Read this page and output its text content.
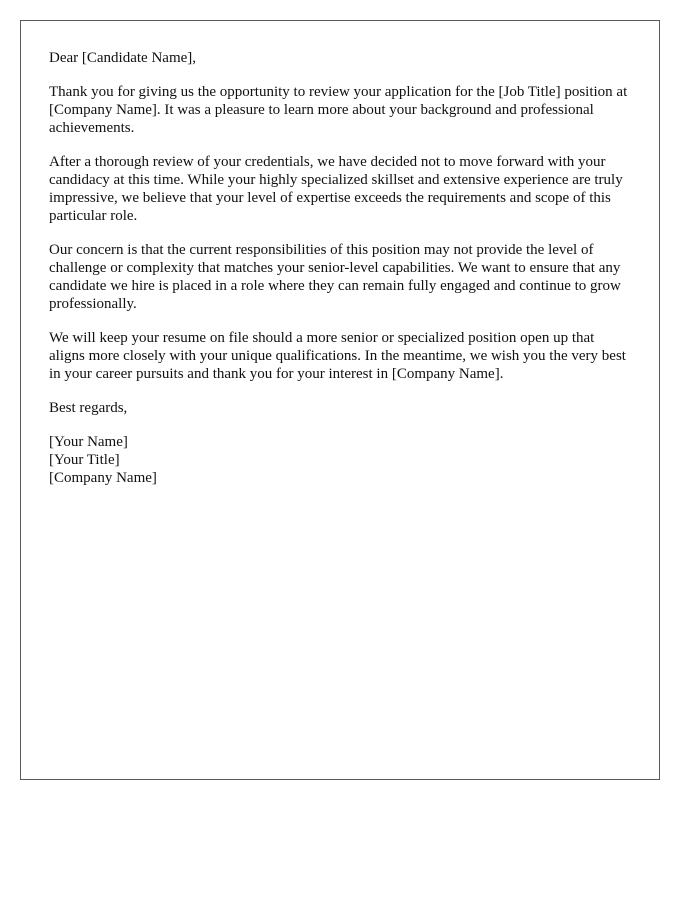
Dear [Candidate Name],

Thank you for giving us the opportunity to review your application for the [Job Title] position at [Company Name]. It was a pleasure to learn more about your background and professional achievements.

After a thorough review of your credentials, we have decided not to move forward with your candidacy at this time. While your highly specialized skillset and extensive experience are truly impressive, we believe that your level of expertise exceeds the requirements and scope of this particular role.

Our concern is that the current responsibilities of this position may not provide the level of challenge or complexity that matches your senior-level capabilities. We want to ensure that any candidate we hire is placed in a role where they can remain fully engaged and continue to grow professionally.

We will keep your resume on file should a more senior or specialized position open up that aligns more closely with your unique qualifications. In the meantime, we wish you the very best in your career pursuits and thank you for your interest in [Company Name].

Best regards,

[Your Name]
[Your Title]
[Company Name]
